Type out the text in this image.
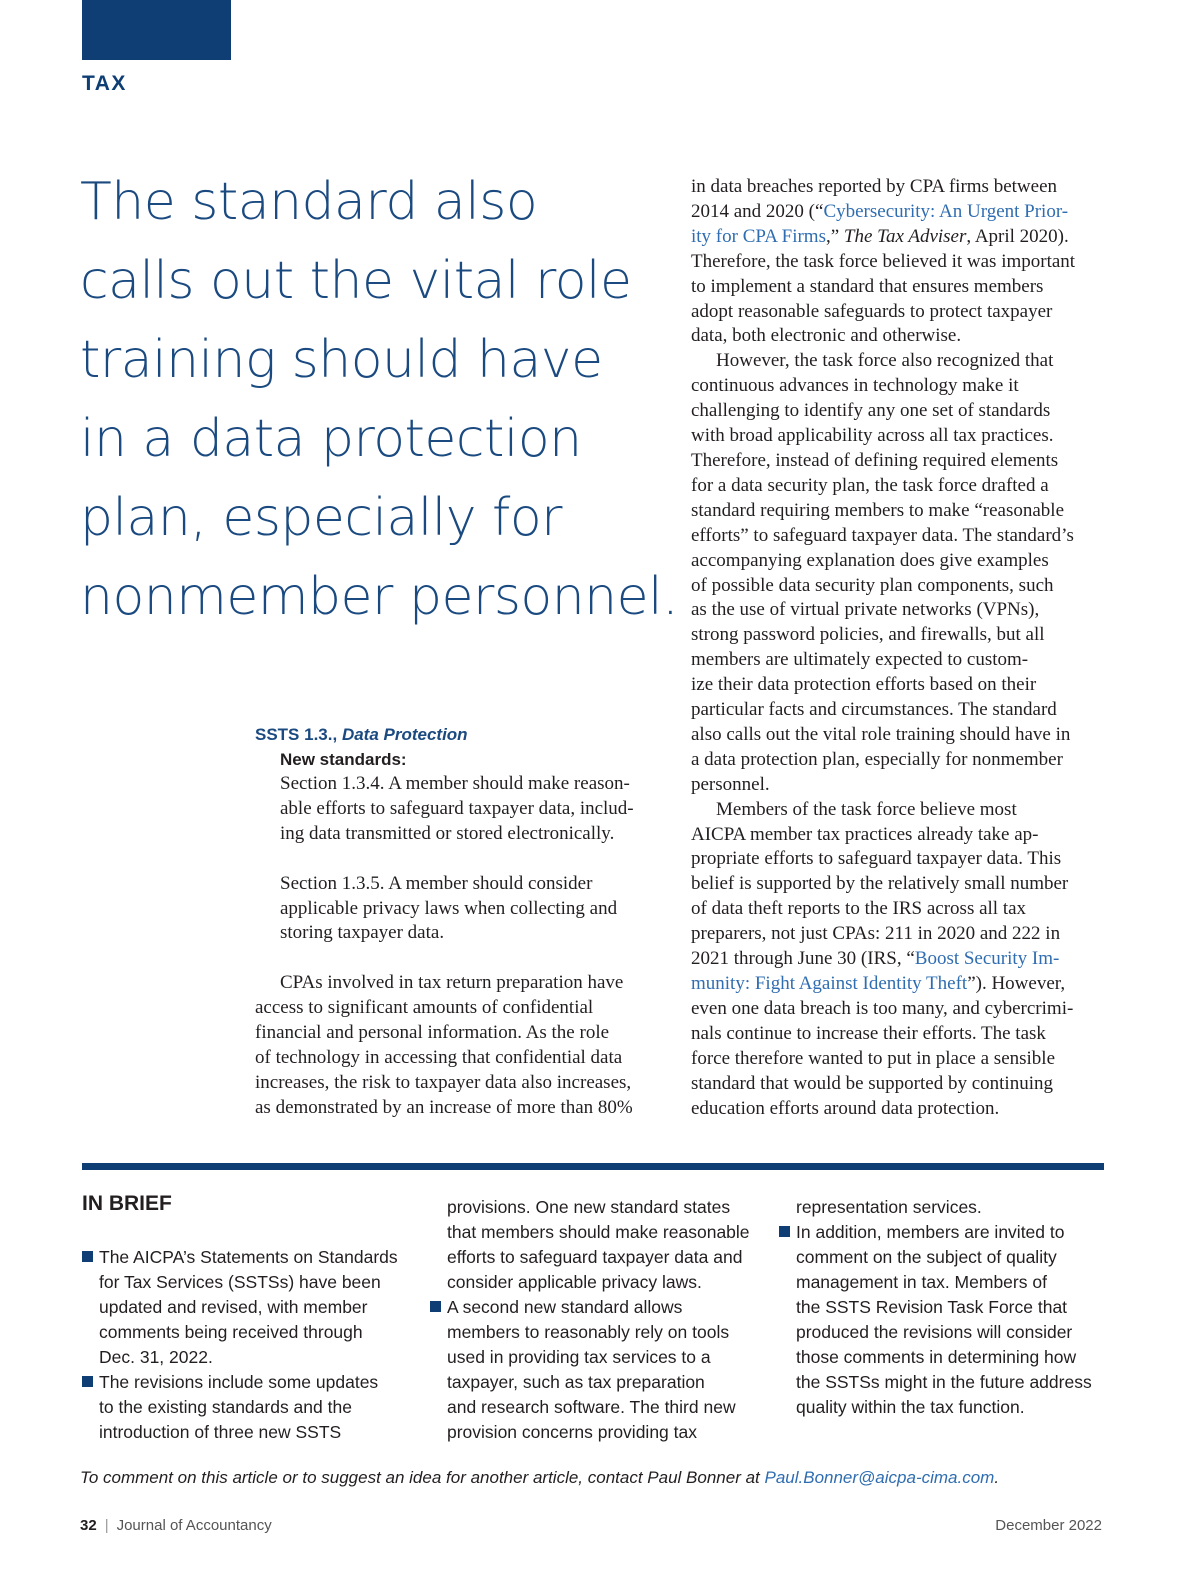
TAX
The standard also
calls out the vital role
training should have
in a data protection
plan, especially for
nonmember personnel.
SSTS 1.3., Data Protection
New standards:
Section 1.3.4. A member should make reason-
able efforts to safeguard taxpayer data, includ-
ing data transmitted or stored electronically.
Section 1.3.5. A member should consider
applicable privacy laws when collecting and
storing taxpayer data.
CPAs involved in tax return preparation have
access to significant amounts of confidential
financial and personal information. As the role
of technology in accessing that confidential data
increases, the risk to taxpayer data also increases,
as demonstrated by an increase of more than 80%
in data breaches reported by CPA firms between
2014 and 2020 (“Cybersecurity: An Urgent Prior-
ity for CPA Firms,” The Tax Adviser, April 2020).
Therefore, the task force believed it was important
to implement a standard that ensures members
adopt reasonable safeguards to protect taxpayer
data, both electronic and otherwise.
However, the task force also recognized that
continuous advances in technology make it
challenging to identify any one set of standards
with broad applicability across all tax practices.
Therefore, instead of defining required elements
for a data security plan, the task force drafted a
standard requiring members to make “reasonable
efforts” to safeguard taxpayer data. The standard’s
accompanying explanation does give examples
of possible data security plan components, such
as the use of virtual private networks (VPNs),
strong password policies, and firewalls, but all
members are ultimately expected to custom-
ize their data protection efforts based on their
particular facts and circumstances. The standard
also calls out the vital role training should have in
a data protection plan, especially for nonmember
personnel.
Members of the task force believe most
AICPA member tax practices already take ap-
propriate efforts to safeguard taxpayer data. This
belief is supported by the relatively small number
of data theft reports to the IRS across all tax
preparers, not just CPAs: 211 in 2020 and 222 in
2021 through June 30 (IRS, “Boost Security Im-
munity: Fight Against Identity Theft”). However,
even one data breach is too many, and cybercrimi-
nals continue to increase their efforts. The task
force therefore wanted to put in place a sensible
standard that would be supported by continuing
education efforts around data protection.
IN BRIEF
The AICPA’s Statements on Standards
for Tax Services (SSTSs) have been
updated and revised, with member
comments being received through
Dec. 31, 2022.
The revisions include some updates
to the existing standards and the
introduction of three new SSTS
provisions. One new standard states
that members should make reasonable
efforts to safeguard taxpayer data and
consider applicable privacy laws.
A second new standard allows
members to reasonably rely on tools
used in providing tax services to a
taxpayer, such as tax preparation
and research software. The third new
provision concerns providing tax
representation services.
In addition, members are invited to
comment on the subject of quality
management in tax. Members of
the SSTS Revision Task Force that
produced the revisions will consider
those comments in determining how
the SSTSs might in the future address
quality within the tax function.
To comment on this article or to suggest an idea for another article, contact Paul Bonner at Paul.Bonner@aicpa-cima.com.
32 | Journal of Accountancy	December 2022
